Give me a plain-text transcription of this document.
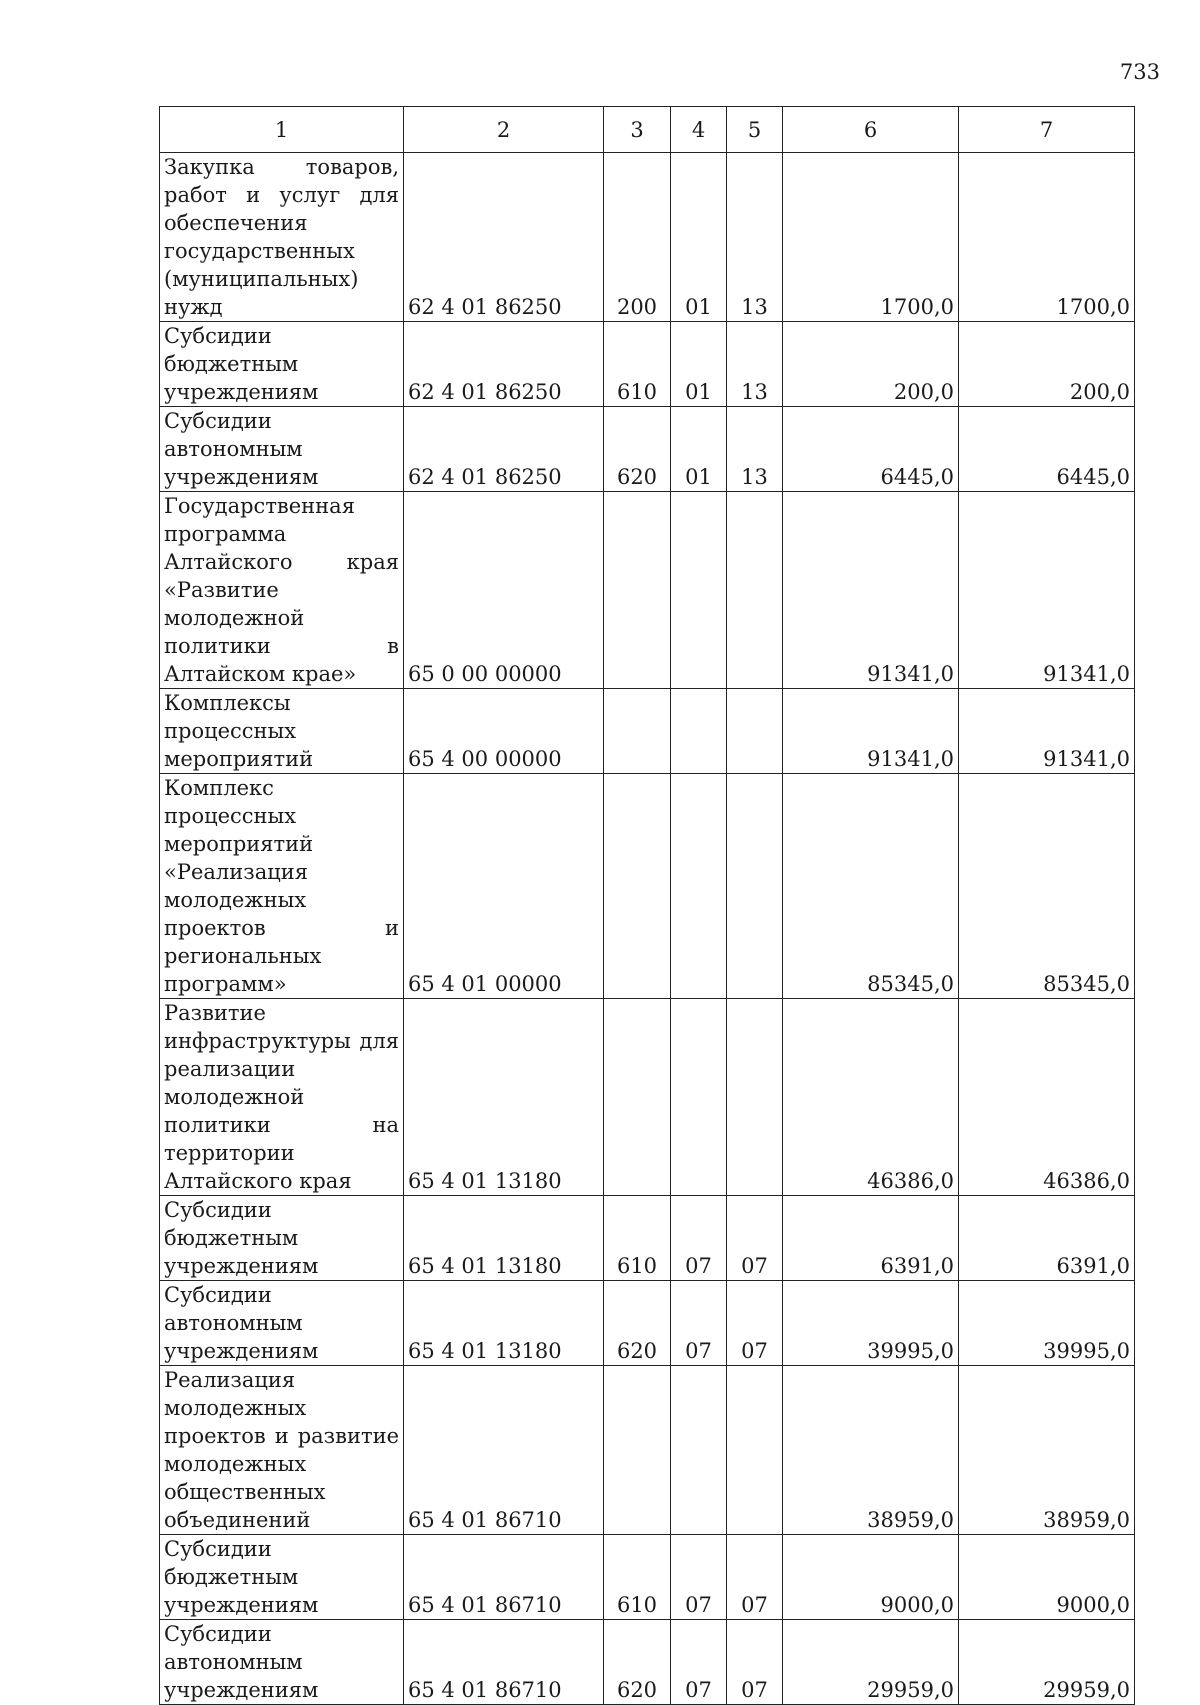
733
1	2	3	4	5	6	7
Закупка товаров, работ и услуг для обеспечения государственных (муниципальных) нужд	62 4 01 86250	200	01	13	1700,0	1700,0
Субсидии бюджетным учреждениям	62 4 01 86250	610	01	13	200,0	200,0
Субсидии автономным учреждениям	62 4 01 86250	620	01	13	6445,0	6445,0
Государственная программа Алтайского края «Развитие молодежной политики в Алтайском крае»	65 0 00 00000				91341,0	91341,0
Комплексы процессных мероприятий	65 4 00 00000				91341,0	91341,0
Комплекс процессных мероприятий «Реализация молодежных проектов и региональных программ»	65 4 01 00000				85345,0	85345,0
Развитие инфраструктуры для реализации молодежной политики на территории Алтайского края	65 4 01 13180				46386,0	46386,0
Субсидии бюджетным учреждениям	65 4 01 13180	610	07	07	6391,0	6391,0
Субсидии автономным учреждениям	65 4 01 13180	620	07	07	39995,0	39995,0
Реализация молодежных проектов и развитие молодежных общественных объединений	65 4 01 86710				38959,0	38959,0
Субсидии бюджетным учреждениям	65 4 01 86710	610	07	07	9000,0	9000,0
Субсидии автономным учреждениям	65 4 01 86710	620	07	07	29959,0	29959,0
